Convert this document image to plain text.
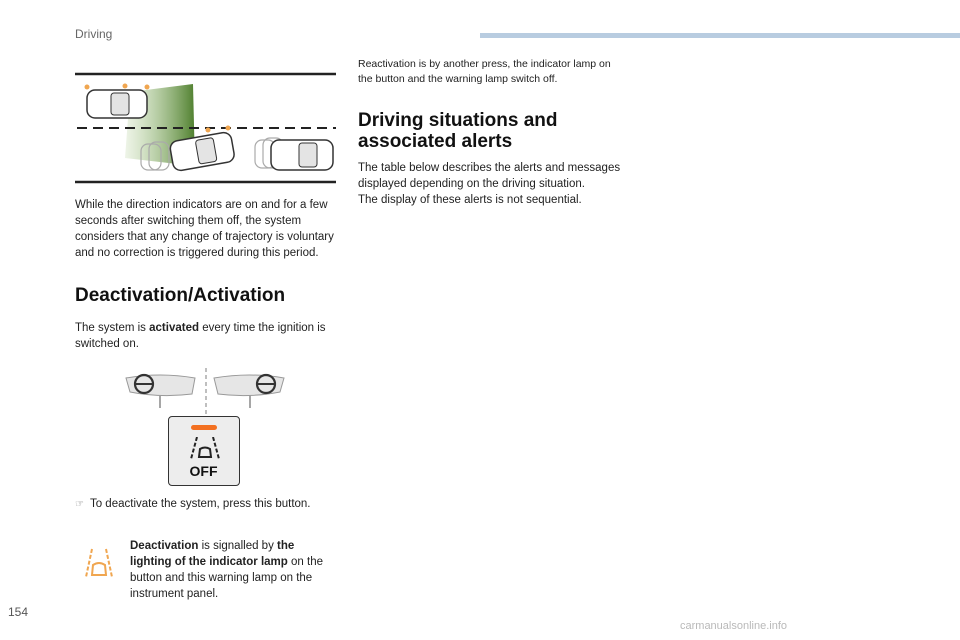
Driving

While the direction indicators are on and for a few seconds after switching them off, the system considers that any change of trajectory is voluntary and no correction is triggered during this period.

Deactivation/Activation

The system is activated every time the ignition is switched on.

OFF

☞ To deactivate the system, press this button.

Deactivation is signalled by the lighting of the indicator lamp on the button and this warning lamp on the instrument panel.

Reactivation is by another press, the indicator lamp on the button and the warning lamp switch off.

Driving situations and associated alerts
The table below describes the alerts and messages displayed depending on the driving situation.
The display of these alerts is not sequential.
154
carmanualsonline.info
